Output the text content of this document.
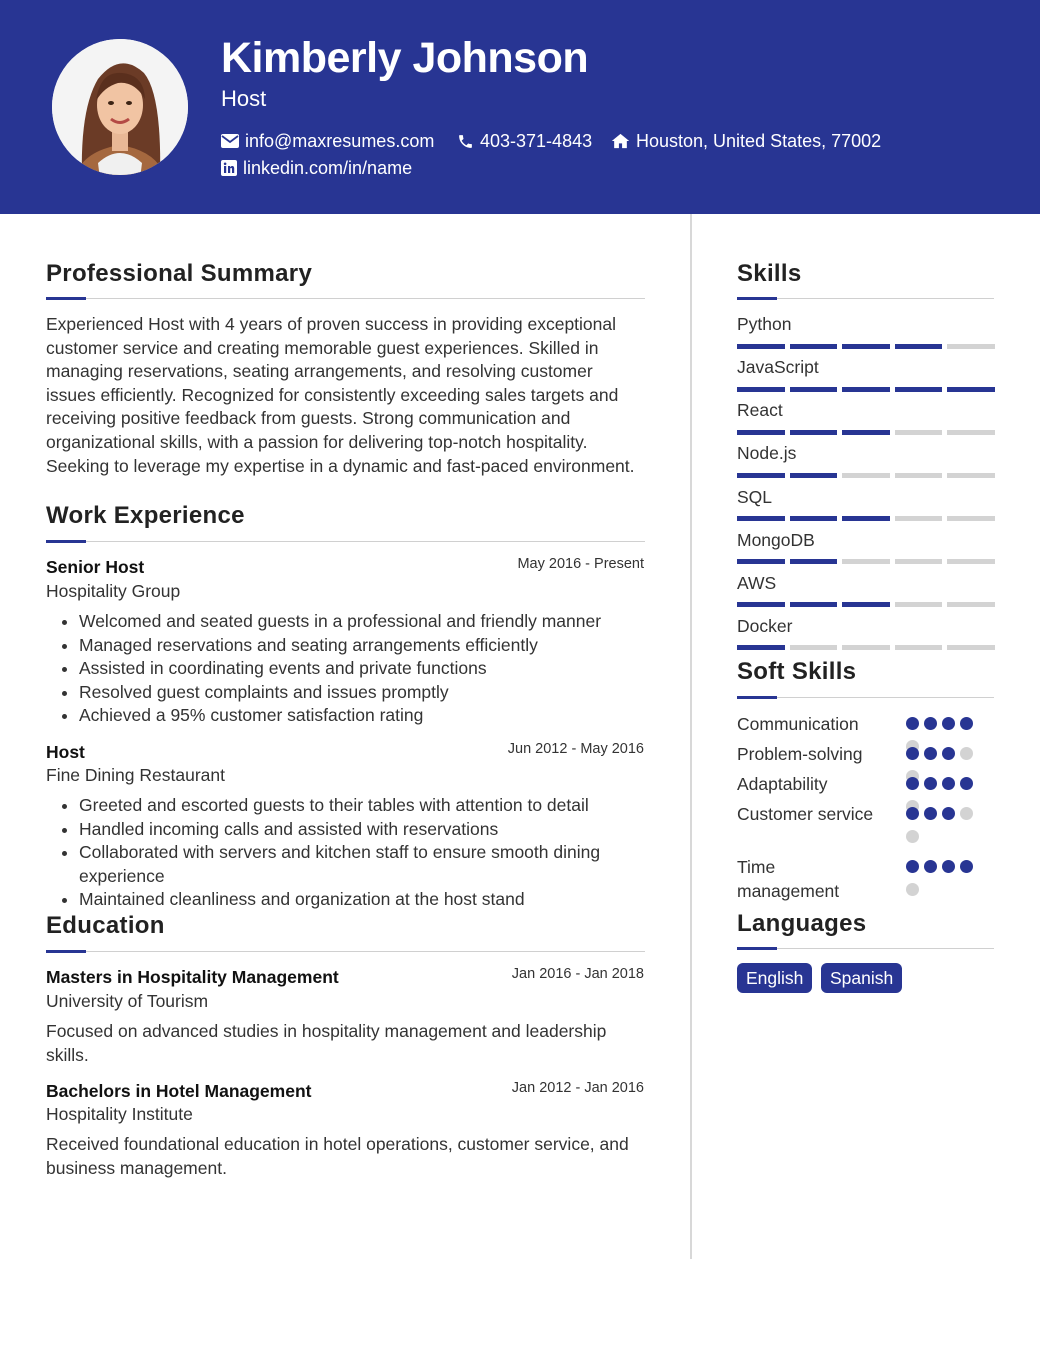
Kimberly Johnson
Host
info@maxresumes.com	403-371-4843 Houston, United States, 77002
linkedin.com/in/name
Professional Summary
Experienced Host with 4 years of proven success in providing exceptional customer service and creating memorable guest experiences. Skilled in managing reservations, seating arrangements, and resolving customer issues efficiently. Recognized for consistently exceeding sales targets and receiving positive feedback from guests. Strong communication and organizational skills, with a passion for delivering top-notch hospitality. Seeking to leverage my expertise in a dynamic and fast-paced environment.
Work Experience
Senior Host	May 2016 - Present
Hospitality Group
• Welcomed and seated guests in a professional and friendly manner
• Managed reservations and seating arrangements efficiently
• Assisted in coordinating events and private functions
• Resolved guest complaints and issues promptly
• Achieved a 95% customer satisfaction rating
Host	Jun 2012 - May 2016
Fine Dining Restaurant
• Greeted and escorted guests to their tables with attention to detail
• Handled incoming calls and assisted with reservations
• Collaborated with servers and kitchen staff to ensure smooth dining experience
• Maintained cleanliness and organization at the host stand
Education
Masters in Hospitality Management	Jan 2016 - Jan 2018
University of Tourism
Focused on advanced studies in hospitality management and leadership skills.
Bachelors in Hotel Management	Jan 2012 - Jan 2016
Hospitality Institute
Received foundational education in hotel operations, customer service, and business management.
Skills
Python
JavaScript
React
Node.js
SQL
MongoDB
AWS
Docker
Soft Skills
Communication
Problem-solving
Adaptability
Customer service
Time management
Languages
English	Spanish
